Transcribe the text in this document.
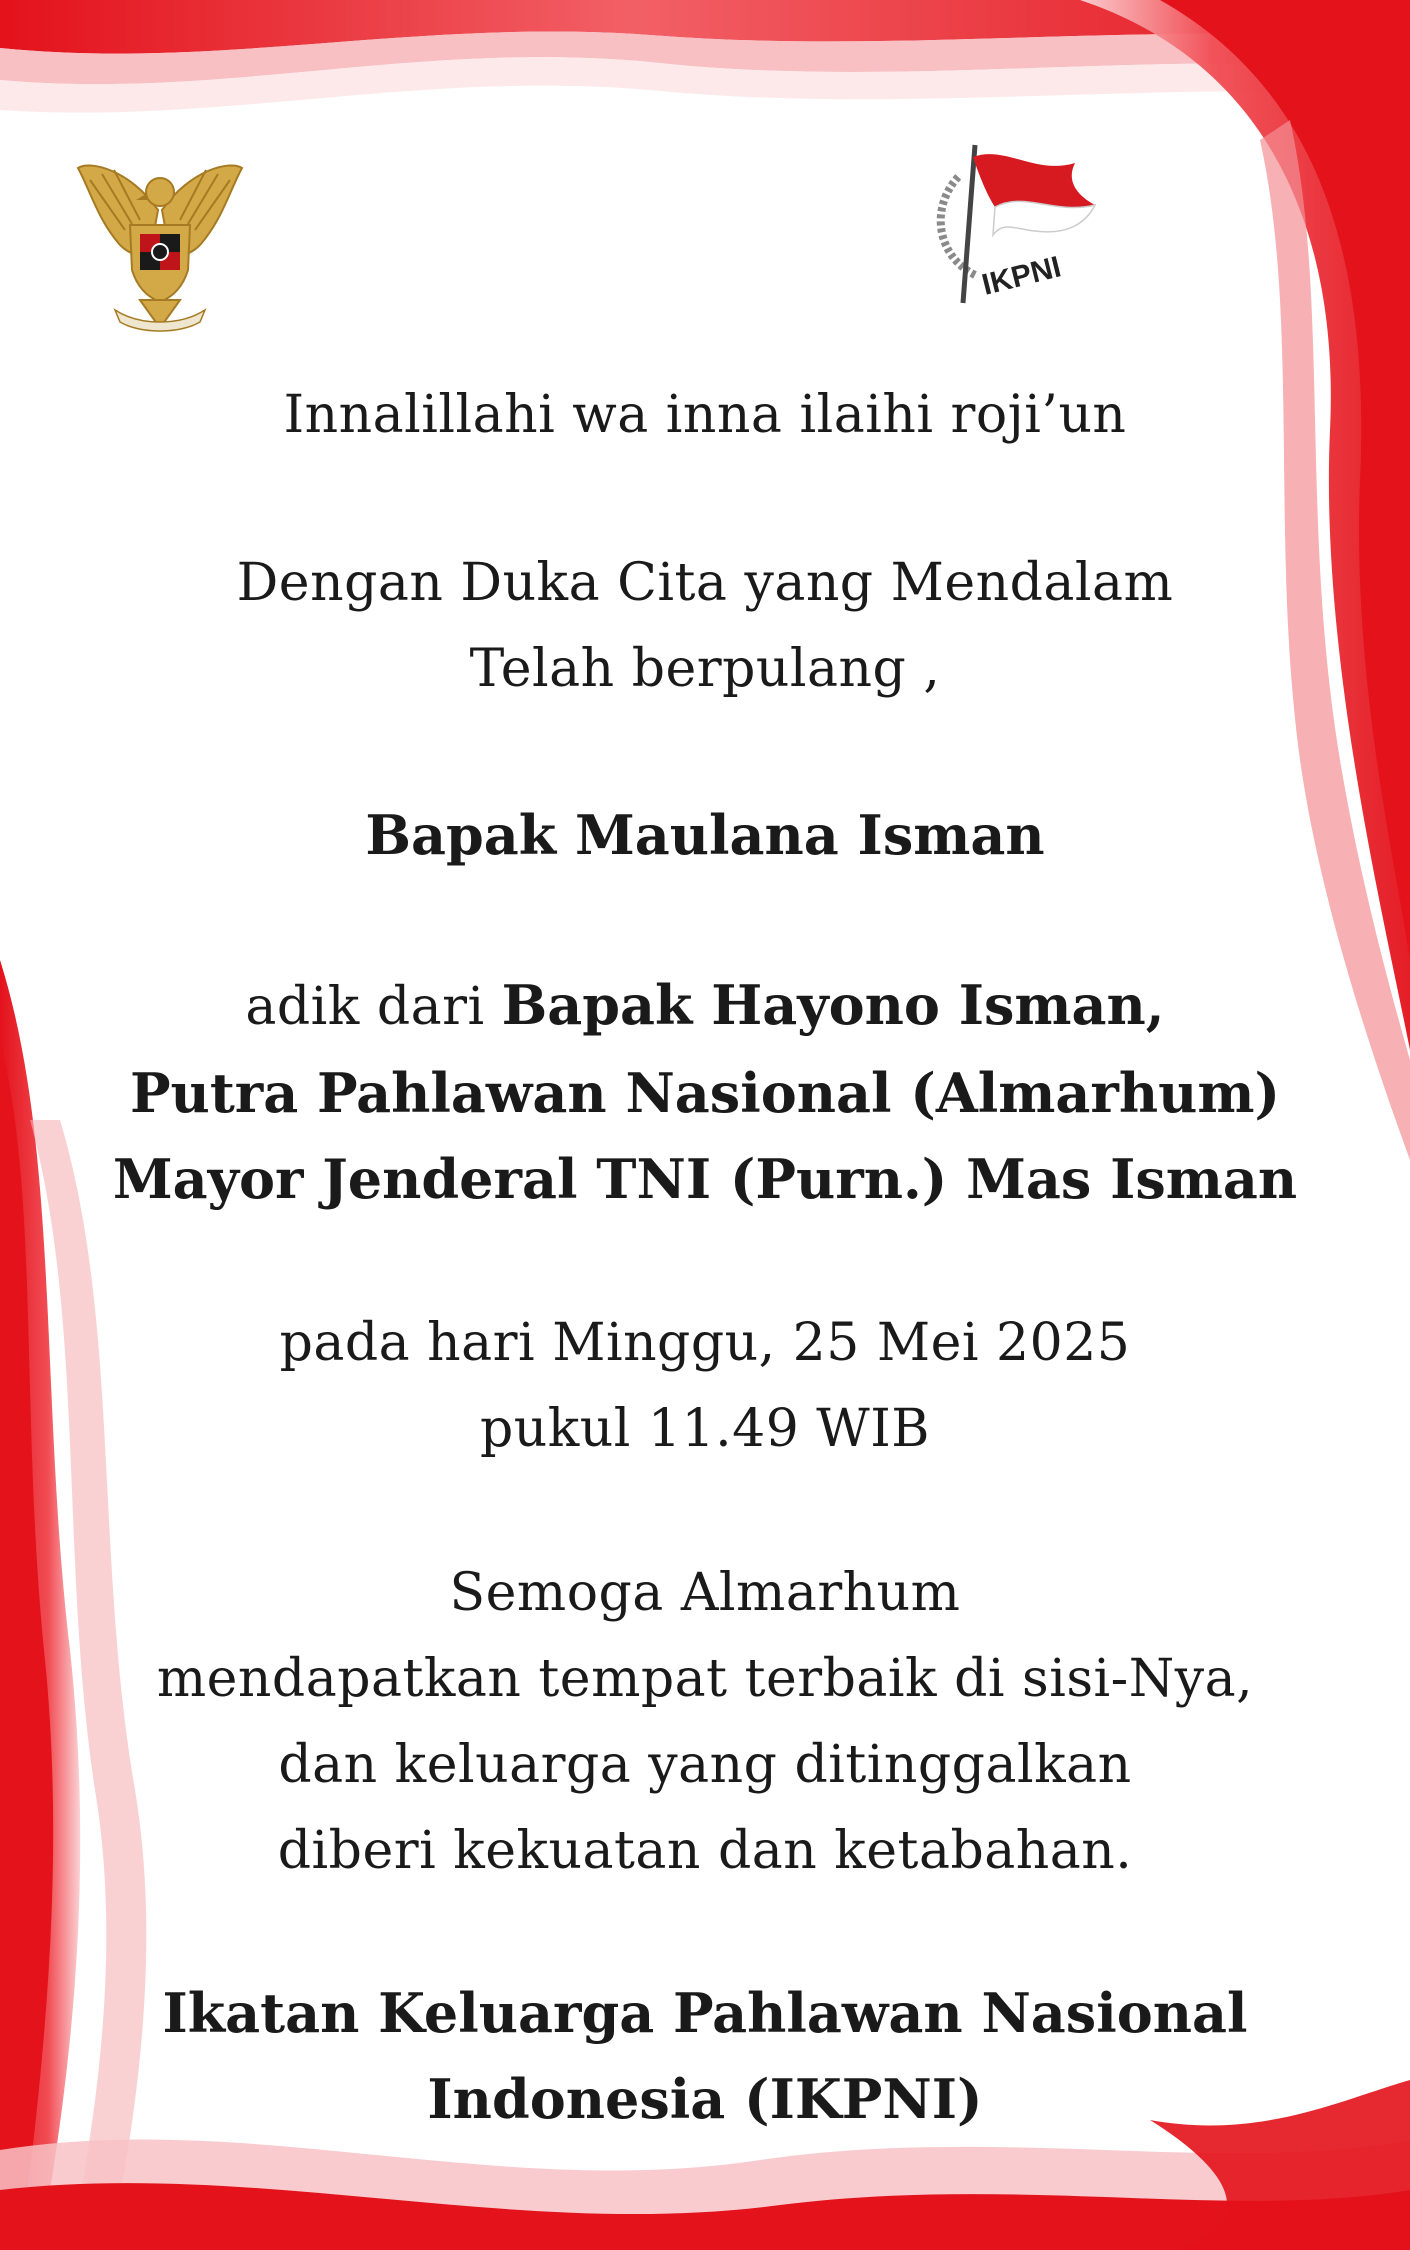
IKPNI
Innalillahi wa inna ilaihi roji’un
Dengan Duka Cita yang Mendalam
Telah berpulang ,
Bapak Maulana Isman
adik dari Bapak Hayono Isman,
Putra Pahlawan Nasional (Almarhum)
Mayor Jenderal TNI (Purn.) Mas Isman
pada hari Minggu, 25 Mei 2025
pukul 11.49 WIB
Semoga Almarhum
mendapatkan tempat terbaik di sisi-Nya,
dan keluarga yang ditinggalkan
diberi kekuatan dan ketabahan.
Ikatan Keluarga Pahlawan Nasional
Indonesia (IKPNI)
